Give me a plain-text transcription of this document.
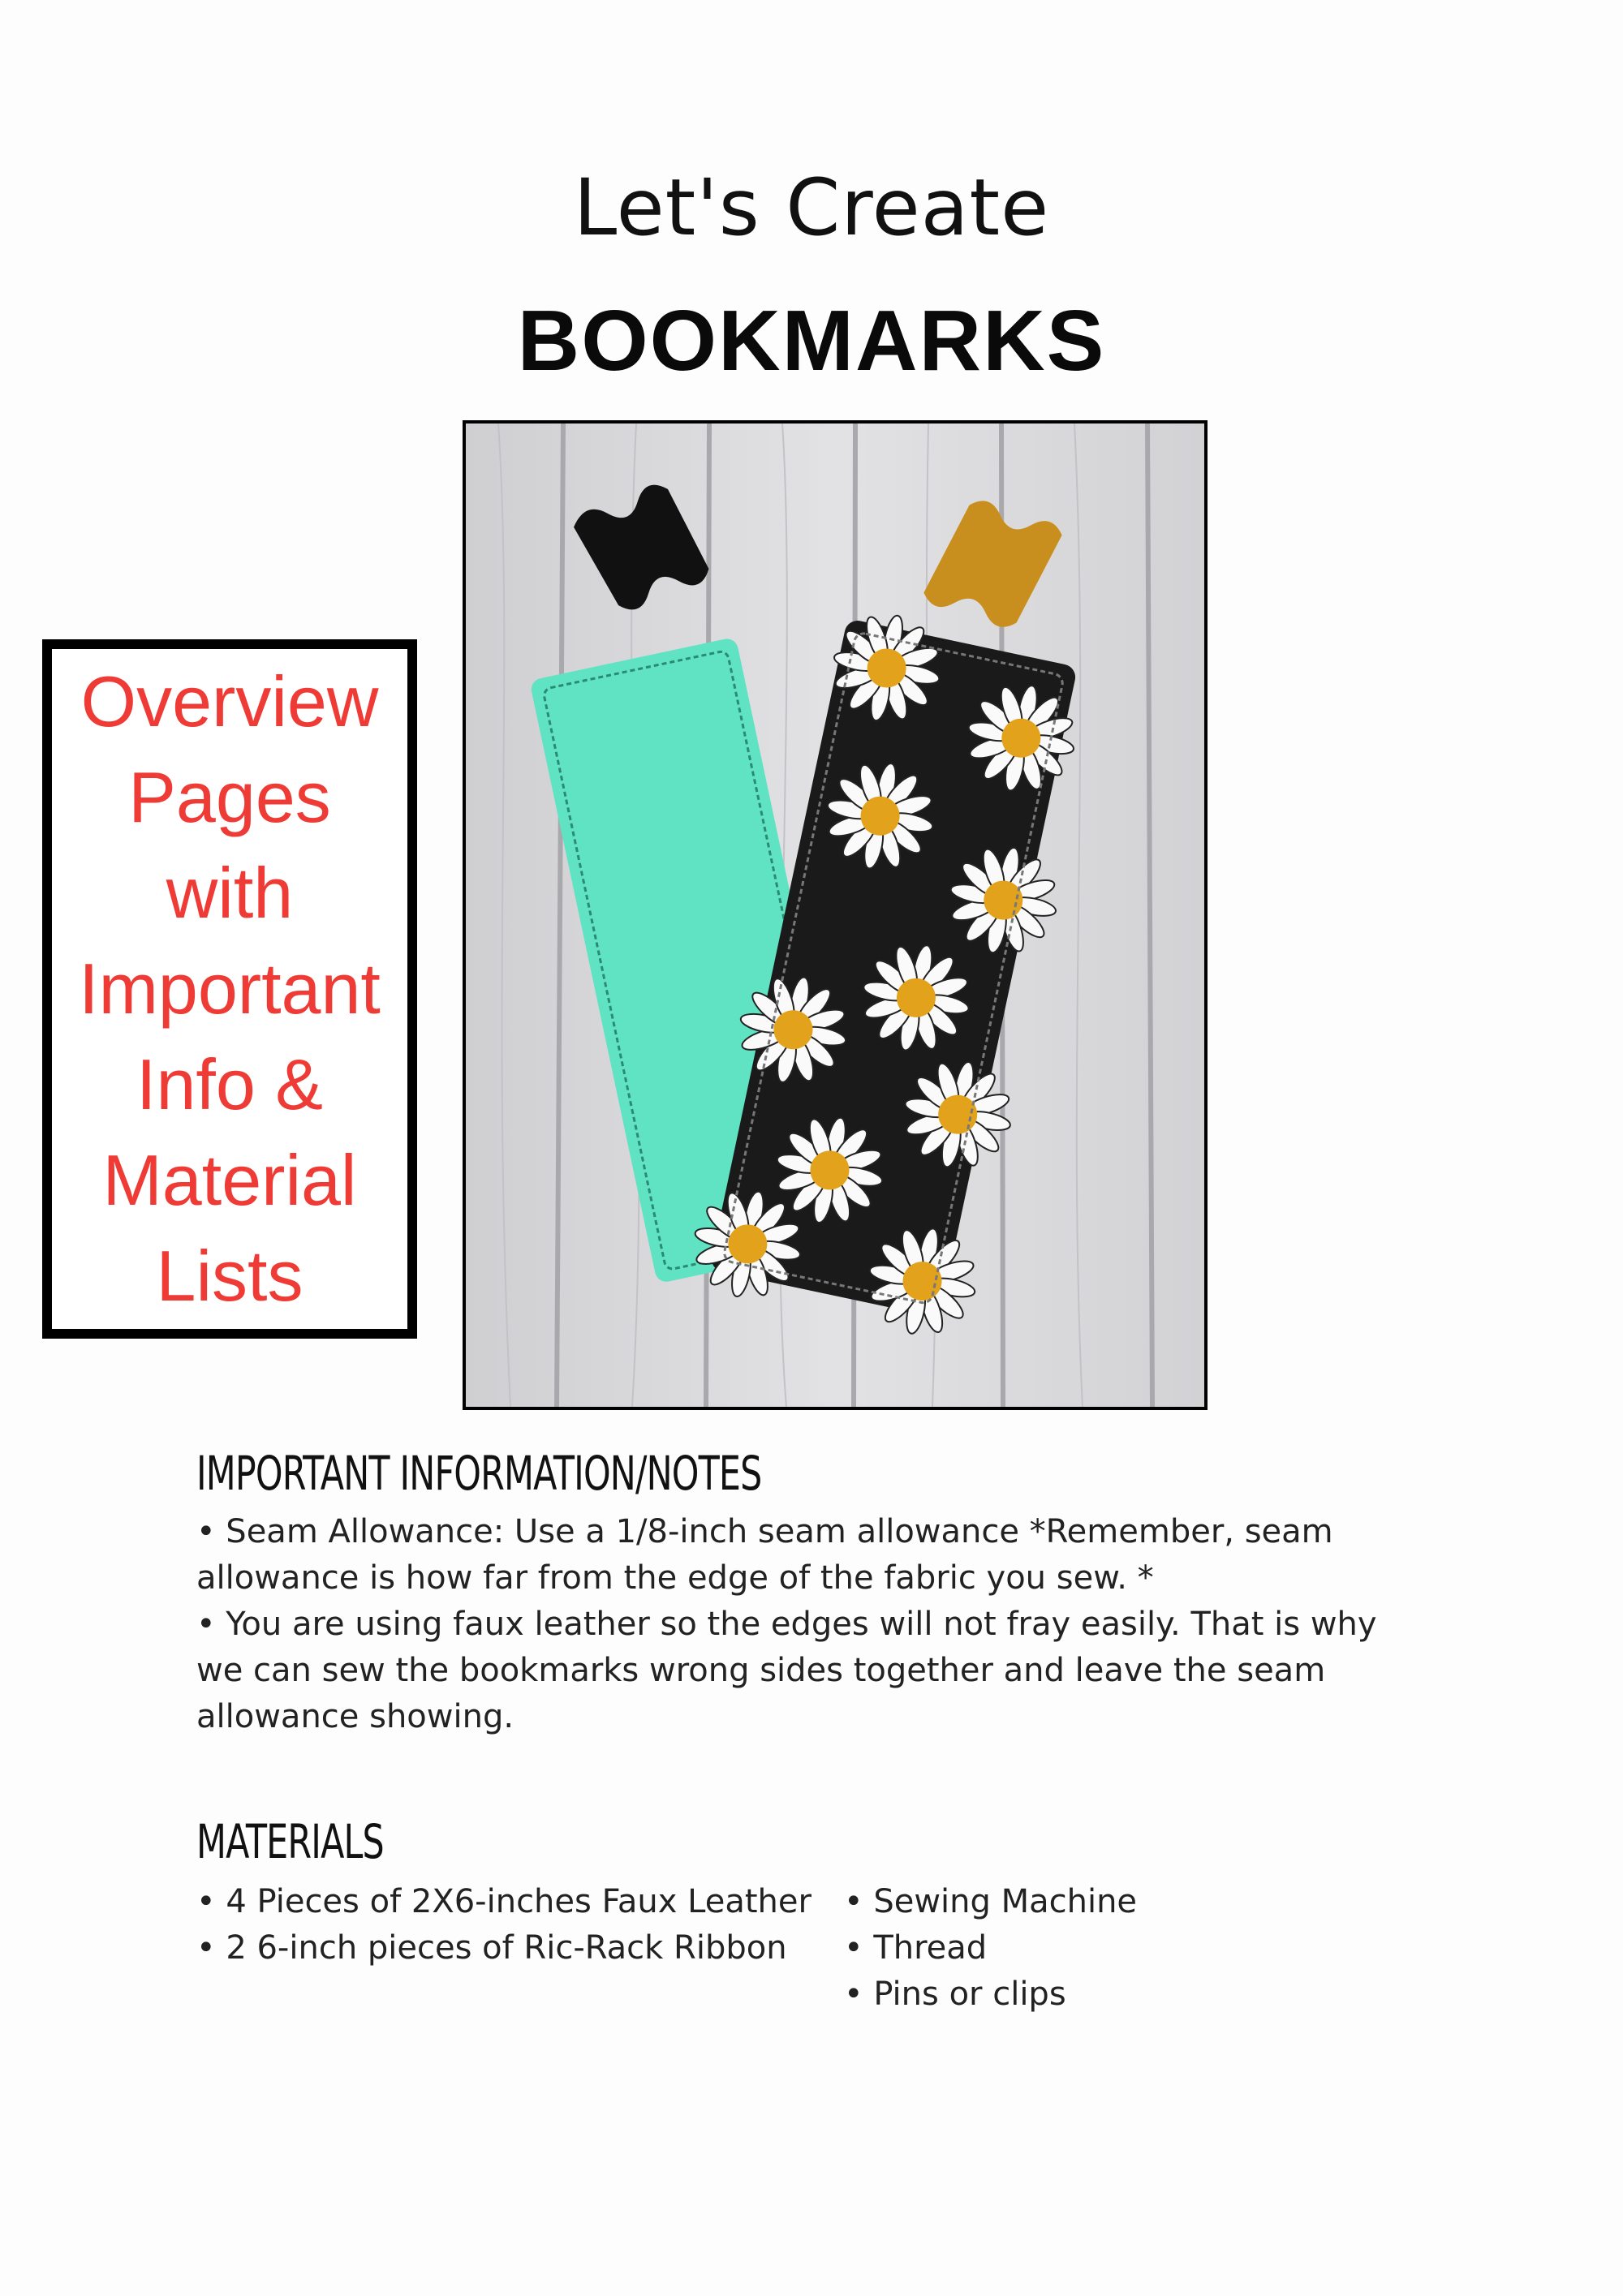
Let's Create
BOOKMARKS
Overview
Pages
with
Important
Info &
Material
Lists
IMPORTANT INFORMATION/NOTES
• Seam Allowance: Use a 1/8-inch seam allowance *Remember, seam allowance is how far from the edge of the fabric you sew. *
• You are using faux leather so the edges will not fray easily. That is why we can sew the bookmarks wrong sides together and leave the seam allowance showing.
MATERIALS
• 4 Pieces of 2X6-inches Faux Leather
• 2 6-inch pieces of Ric-Rack Ribbon
• Sewing Machine
• Thread
• Pins or clips
